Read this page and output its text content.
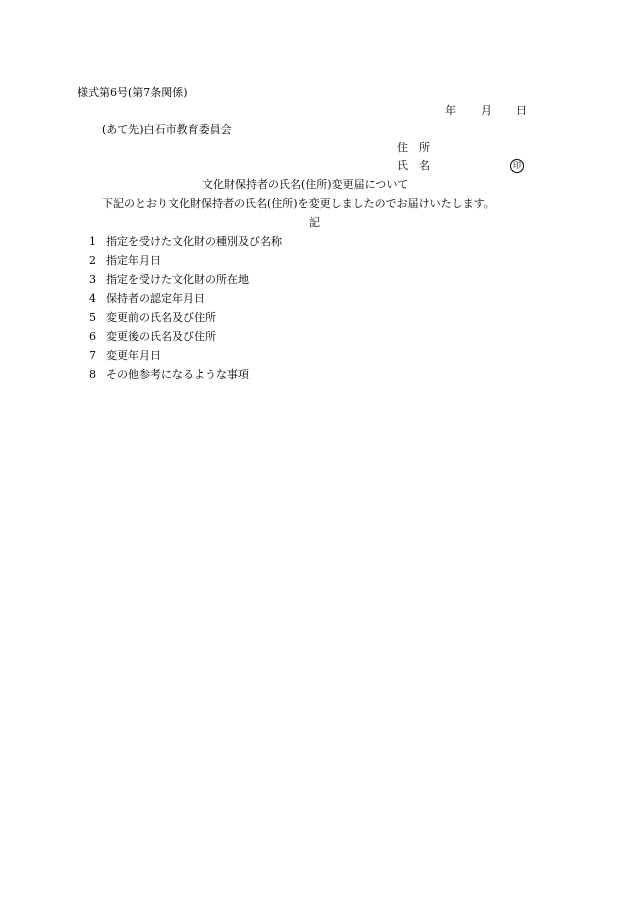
様式第6号(第7条関係)
年 月 日
(あて先)白石市教育委員会
住　所
氏　名	印
文化財保持者の氏名(住所)変更届について
下記のとおり文化財保持者の氏名(住所)を変更しましたのでお届けいたします。
記
1 指定を受けた文化財の種別及び名称
2 指定年月日
3 指定を受けた文化財の所在地
4 保持者の認定年月日
5 変更前の氏名及び住所
6 変更後の氏名及び住所
7 変更年月日
8 その他参考になるような事項
